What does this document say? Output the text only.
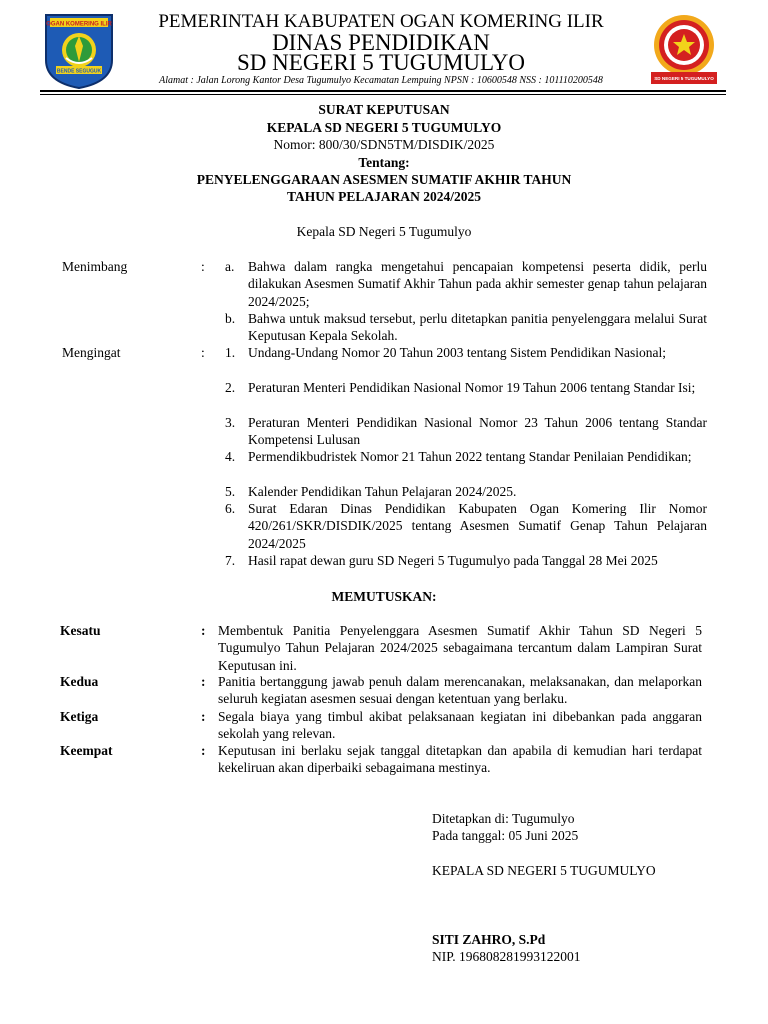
OGAN KOMERING ILIR
BENDE SEGUGUK
PEMERINTAH KABUPATEN OGAN KOMERING ILIR
DINAS PENDIDIKAN
SD NEGERI 5 TUGUMULYO
Alamat : Jalan Lorong Kantor Desa Tugumulyo Kecamatan Lempuing NPSN : 10600548 NSS : 101110200548	SD NEGERI 5 TUGUMULYO
SURAT KEPUTUSAN
KEPALA SD NEGERI 5 TUGUMULYO
Nomor: 800/30/SDN5TM/DISDIK/2025
Tentang:
PENYELENGGARAAN ASESMEN SUMATIF AKHIR TAHUN
TAHUN PELAJARAN 2024/2025
Kepala SD Negeri 5 Tugumulyo
Menimbang	: a. Bahwa dalam rangka mengetahui pencapaian kompetensi peserta didik, perlu dilakukan Asesmen Sumatif Akhir Tahun pada akhir semester genap tahun pelajaran 2024/2025;
b. Bahwa untuk maksud tersebut, perlu ditetapkan panitia penyelenggara melalui Surat Keputusan Kepala Sekolah.
Mengingat	: 1. Undang-Undang Nomor 20 Tahun 2003 tentang Sistem Pendidikan Nasional;
2. Peraturan Menteri Pendidikan Nasional Nomor 19 Tahun 2006 tentang Standar Isi;
3. Peraturan Menteri Pendidikan Nasional Nomor 23 Tahun 2006 tentang Standar Kompetensi Lulusan
4. Permendikbudristek Nomor 21 Tahun 2022 tentang Standar Penilaian Pendidikan;
5. Kalender Pendidikan Tahun Pelajaran 2024/2025.
6. Surat Edaran Dinas Pendidikan Kabupaten Ogan Komering Ilir Nomor 420/261/SKR/DISDIK/2025 tentang Asesmen Sumatif Genap Tahun Pelajaran 2024/2025
7. Hasil rapat dewan guru SD Negeri 5 Tugumulyo pada Tanggal 28 Mei 2025
MEMUTUSKAN:
Kesatu	: Membentuk Panitia Penyelenggara Asesmen Sumatif Akhir Tahun SD Negeri 5 Tugumulyo Tahun Pelajaran 2024/2025 sebagaimana tercantum dalam Lampiran Surat Keputusan ini.
Kedua	: Panitia bertanggung jawab penuh dalam merencanakan, melaksanakan, dan melaporkan seluruh kegiatan asesmen sesuai dengan ketentuan yang berlaku.
Ketiga	: Segala biaya yang timbul akibat pelaksanaan kegiatan ini dibebankan pada anggaran sekolah yang relevan.
Keempat	: Keputusan ini berlaku sejak tanggal ditetapkan dan apabila di kemudian hari terdapat kekeliruan akan diperbaiki sebagaimana mestinya.
Ditetapkan di: Tugumulyo
Pada tanggal: 05 Juni 2025
KEPALA SD NEGERI 5 TUGUMULYO
SITI ZAHRO, S.Pd
NIP. 196808281993122001
